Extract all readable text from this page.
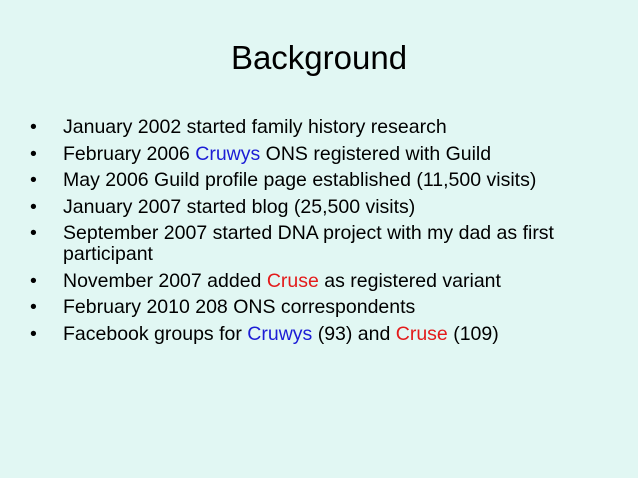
Background
• January 2002 started family history research
• February 2006 Cruwys ONS registered with Guild
• May 2006 Guild profile page established (11,500 visits)
• January 2007 started blog (25,500 visits)
• September 2007 started DNA project with my dad as first participant
• November 2007 added Cruse as registered variant
• February 2010 208 ONS correspondents
• Facebook groups for Cruwys (93) and Cruse (109)
